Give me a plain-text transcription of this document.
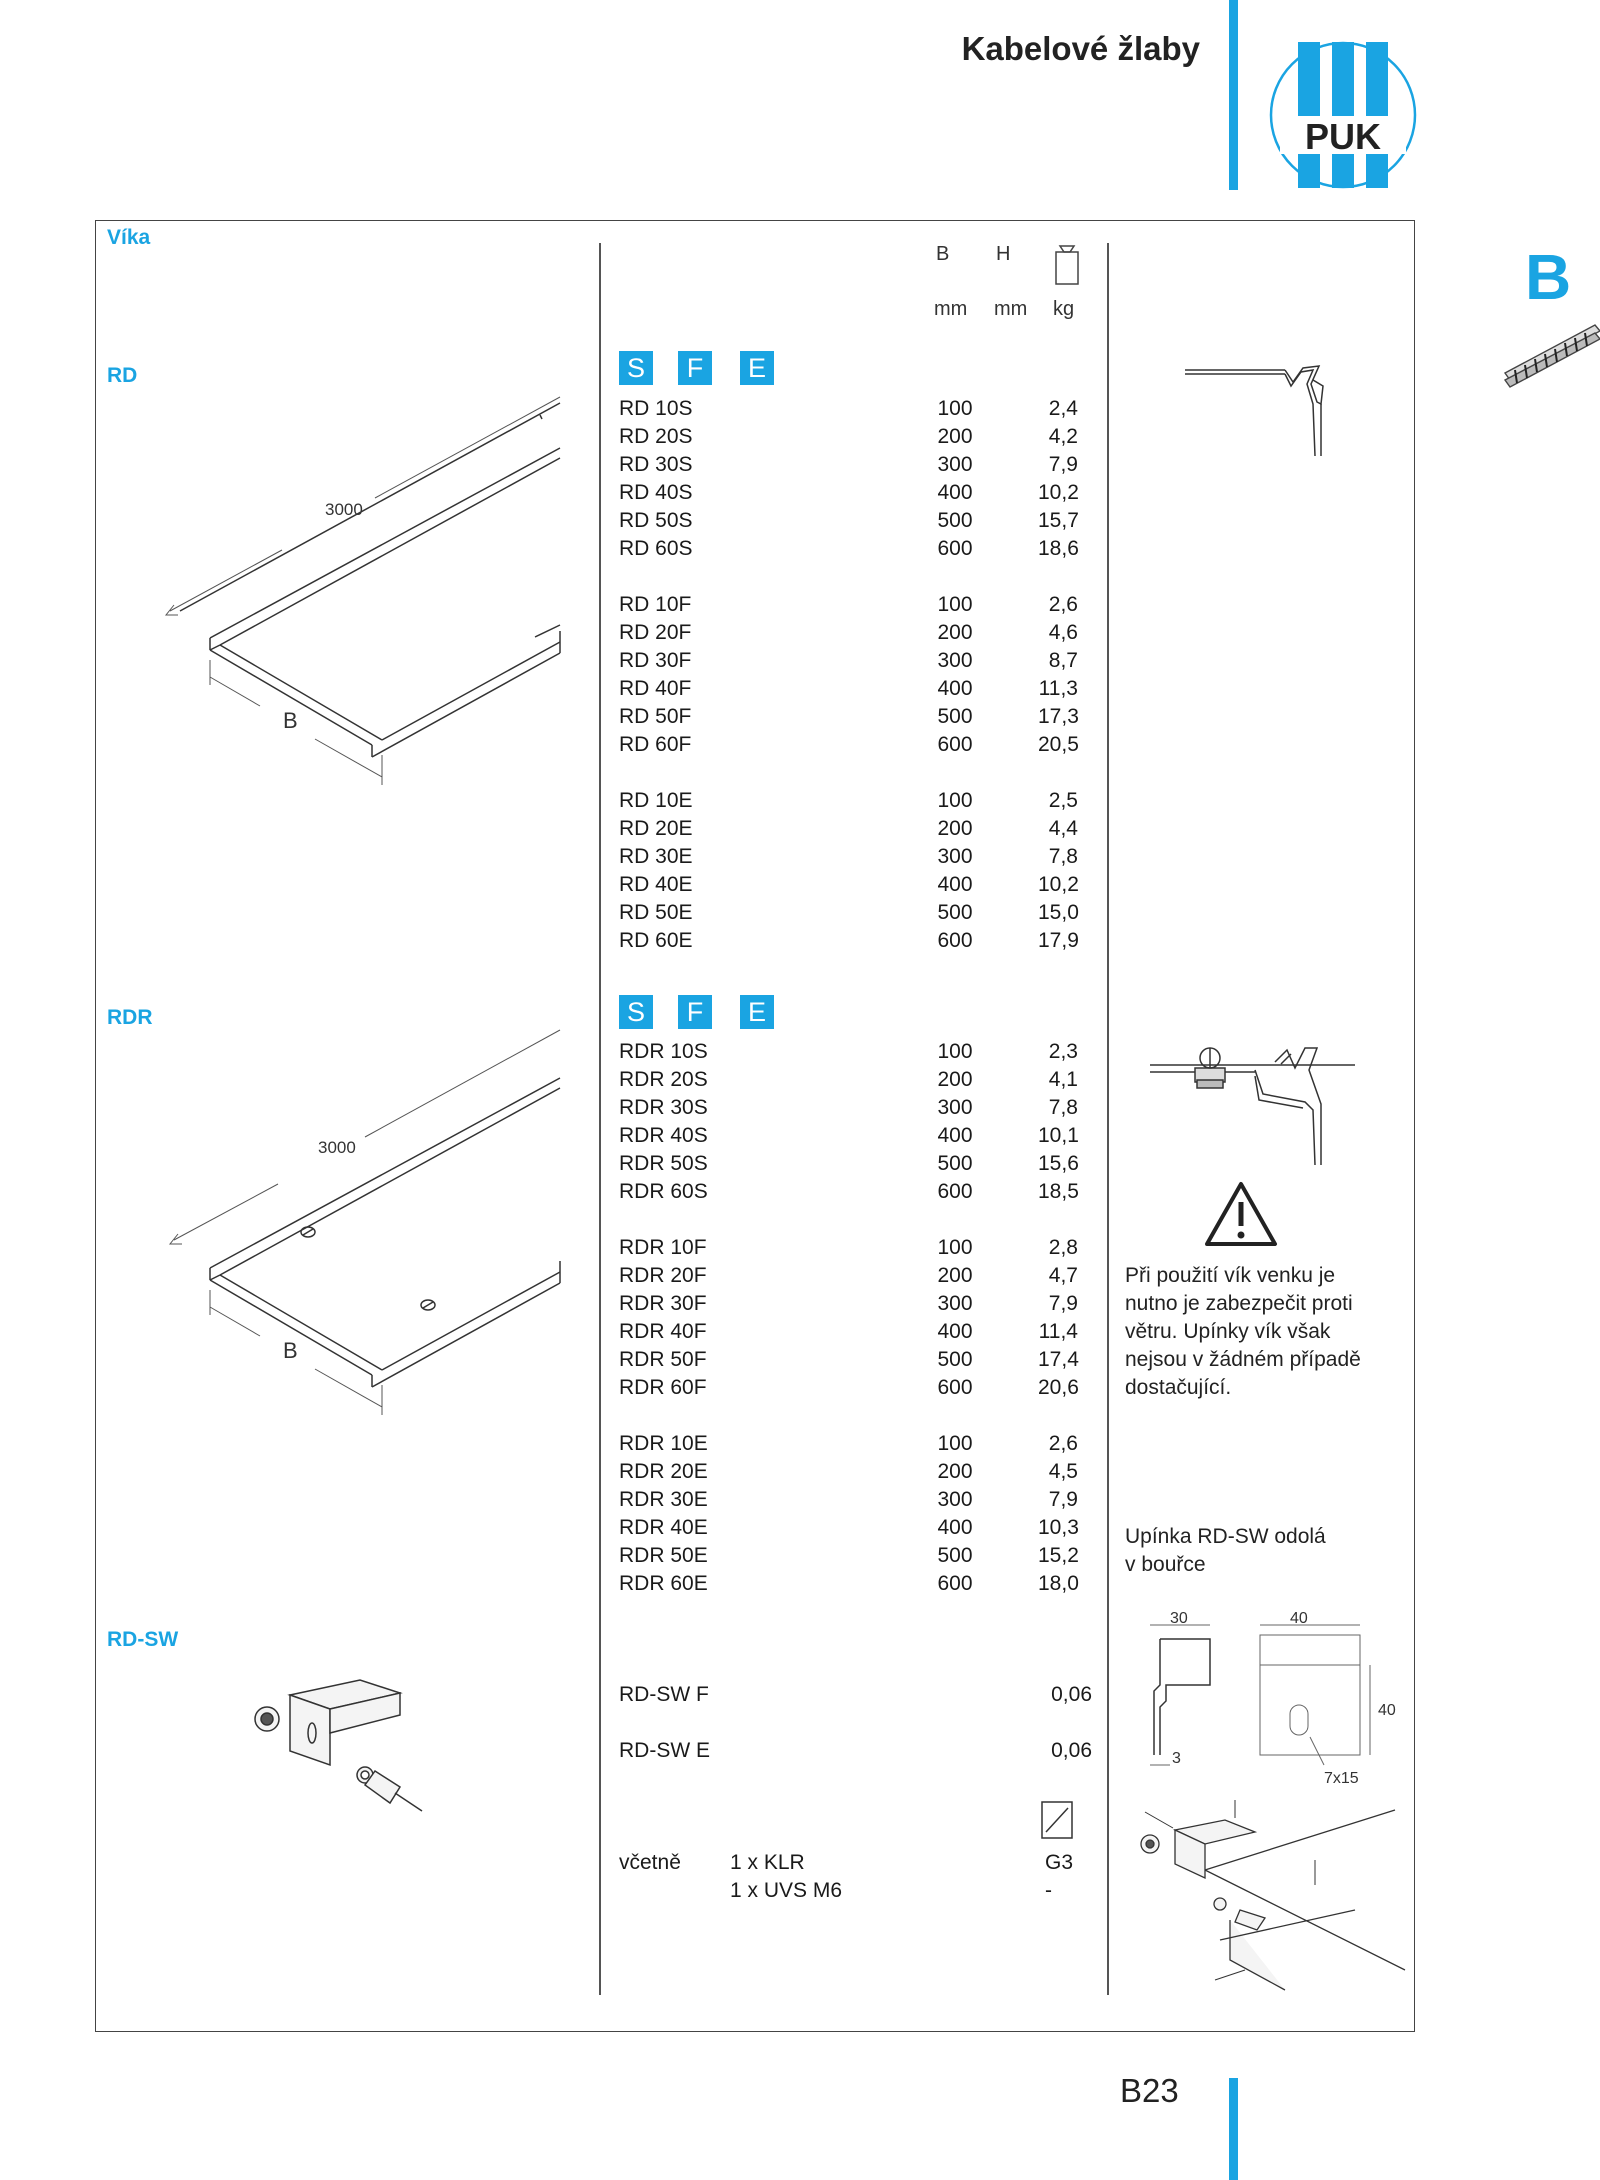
Kabelové žlaby
PUK
B
Víka
RD
RDR
RD-SW
B H
mm mm kg
S	F	E
RD 10S	100	2,4
RD 20S	200	4,2
RD 30S	300	7,9
RD 40S	400	10,2
RD 50S	500	15,7
RD 60S	600	18,6
RD 10F	100	2,6
RD 20F	200	4,6
RD 30F	300	8,7
RD 40F	400	11,3
RD 50F	500	17,3
RD 60F	600	20,5
RD 10E	100	2,5
RD 20E	200	4,4
RD 30E	300	7,8
RD 40E	400	10,2
RD 50E	500	15,0
RD 60E	600	17,9
S	F	E
RDR 10S	100	2,3
RDR 20S	200	4,1
RDR 30S	300	7,8
RDR 40S	400	10,1
RDR 50S	500	15,6
RDR 60S	600	18,5
RDR 10F	100	2,8
RDR 20F	200	4,7
RDR 30F	300	7,9
RDR 40F	400	11,4
RDR 50F	500	17,4
RDR 60F	600	20,6
RDR 10E	100	2,6
RDR 20E	200	4,5
RDR 30E	300	7,9
RDR 40E	400	10,3
RDR 50E	500	15,2
RDR 60E	600	18,0
RD-SW F	0,06
RD-SW E	0,06
včetně 1 x KLR	G3
1 x UVS M6	-
3000
B
3000
B
Při použití vík venku je
nutno je zabezpečit proti
větru. Upínky vík však
nejsou v žádném případě
dostačující.
Upínka RD-SW odolá
v bouřce
30
3
40
40
7x15
B23
